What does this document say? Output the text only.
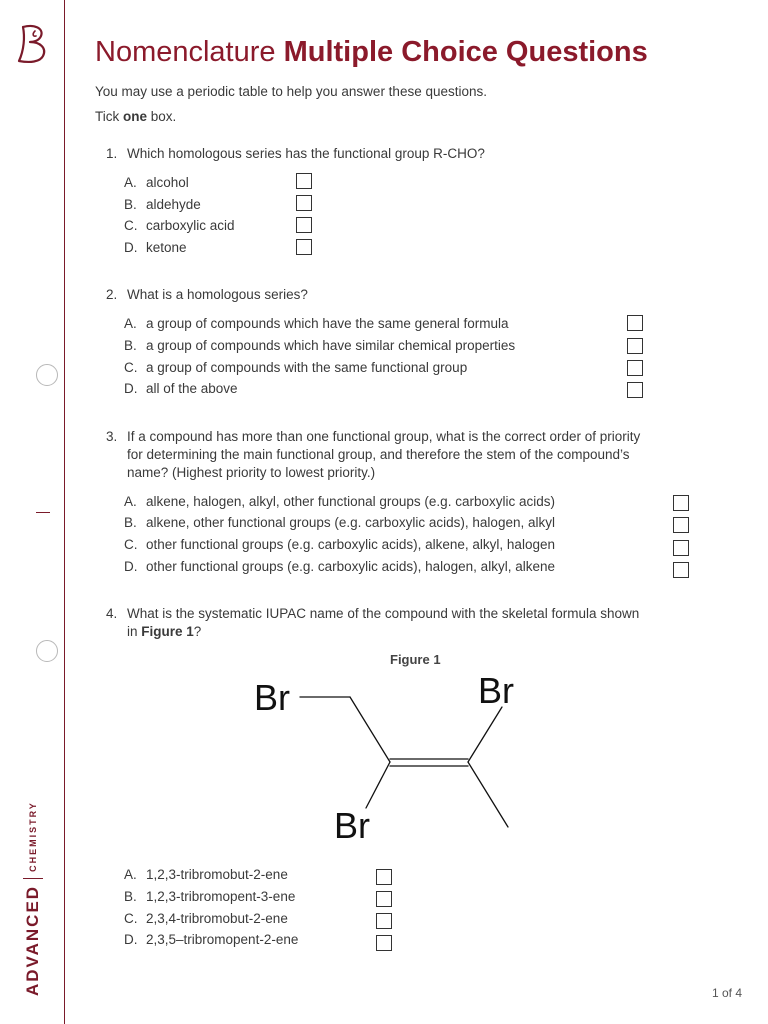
ADVANCED
CHEMISTRY
Nomenclature Multiple Choice Questions
You may use a periodic table to help you answer these questions.
Tick one box.
1. Which homologous series has the functional group R-CHO?
A. alcohol
B. aldehyde
C. carboxylic acid
D. ketone
2. What is a homologous series?
A. a group of compounds which have the same general formula
B. a group of compounds which have similar chemical properties
C. a group of compounds with the same functional group
D. all of the above
3. If a compound has more than one functional group, what is the correct order of priority
for determining the main functional group, and therefore the stem of the compound’s
name? (Highest priority to lowest priority.)
A. alkene, halogen, alkyl, other functional groups (e.g. carboxylic acids)
B. alkene, other functional groups (e.g. carboxylic acids), halogen, alkyl
C. other functional groups (e.g. carboxylic acids), alkene, alkyl, halogen
D. other functional groups (e.g. carboxylic acids), halogen, alkyl, alkene
4. What is the systematic IUPAC name of the compound with the skeletal formula shown
in Figure 1?
Figure 1
Br	Br
Br
A. 1,2,3-tribromobut-2-ene
B. 1,2,3-tribromopent-3-ene
C. 2,3,4-tribromobut-2-ene
D. 2,3,5–tribromopent-2-ene
1 of 4
